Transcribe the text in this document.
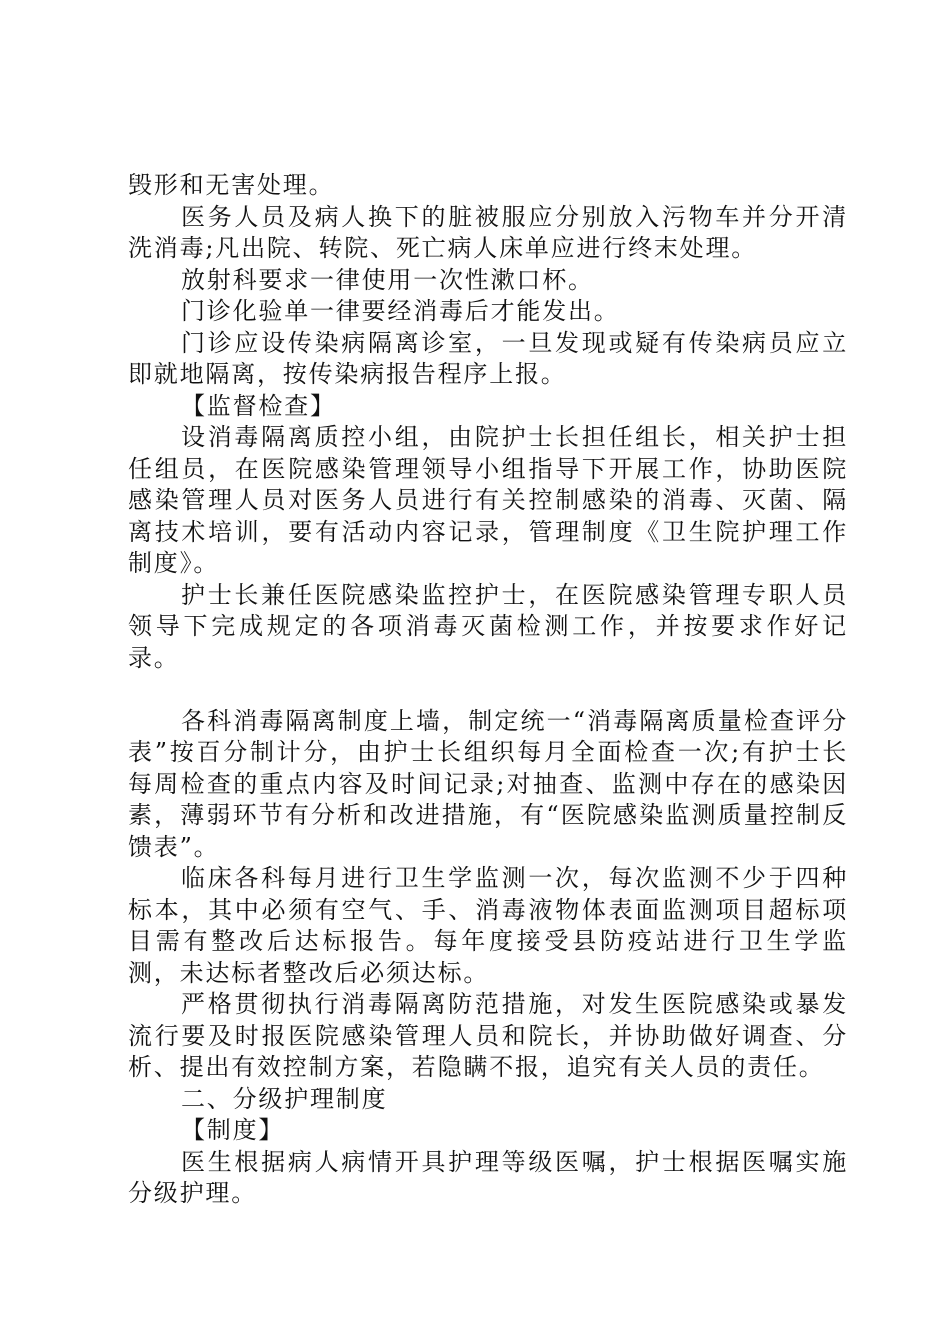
毁形和无害处理。

医务人员及病人换下的脏被服应分别放入污物车并分开清洗消毒;凡出院、转院、死亡病人床单应进行终末处理。

放射科要求一律使用一次性漱口杯。

门诊化验单一律要经消毒后才能发出。

门诊应设传染病隔离诊室，一旦发现或疑有传染病员应立即就地隔离，按传染病报告程序上报。

【监督检查】

设消毒隔离质控小组，由院护士长担任组长，相关护士担任组员，在医院感染管理领导小组指导下开展工作，协助医院感染管理人员对医务人员进行有关控制感染的消毒、灭菌、隔离技术培训，要有活动内容记录，管理制度《卫生院护理工作制度》。

护士长兼任医院感染监控护士，在医院感染管理专职人员领导下完成规定的各项消毒灭菌检测工作，并按要求作好记录。

各科消毒隔离制度上墙，制定统一“消毒隔离质量检查评分表”按百分制计分，由护士长组织每月全面检查一次;有护士长每周检查的重点内容及时间记录;对抽查、监测中存在的感染因素，薄弱环节有分析和改进措施，有“医院感染监测质量控制反馈表”。

临床各科每月进行卫生学监测一次，每次监测不少于四种标本，其中必须有空气、手、消毒液物体表面监测项目超标项目需有整改后达标报告。每年度接受县防疫站进行卫生学监测，未达标者整改后必须达标。

严格贯彻执行消毒隔离防范措施，对发生医院感染或暴发流行要及时报医院感染管理人员和院长，并协助做好调查、分析、提出有效控制方案，若隐瞒不报，追究有关人员的责任。

二、分级护理制度

【制度】

医生根据病人病情开具护理等级医嘱，护士根据医嘱实施分级护理。
